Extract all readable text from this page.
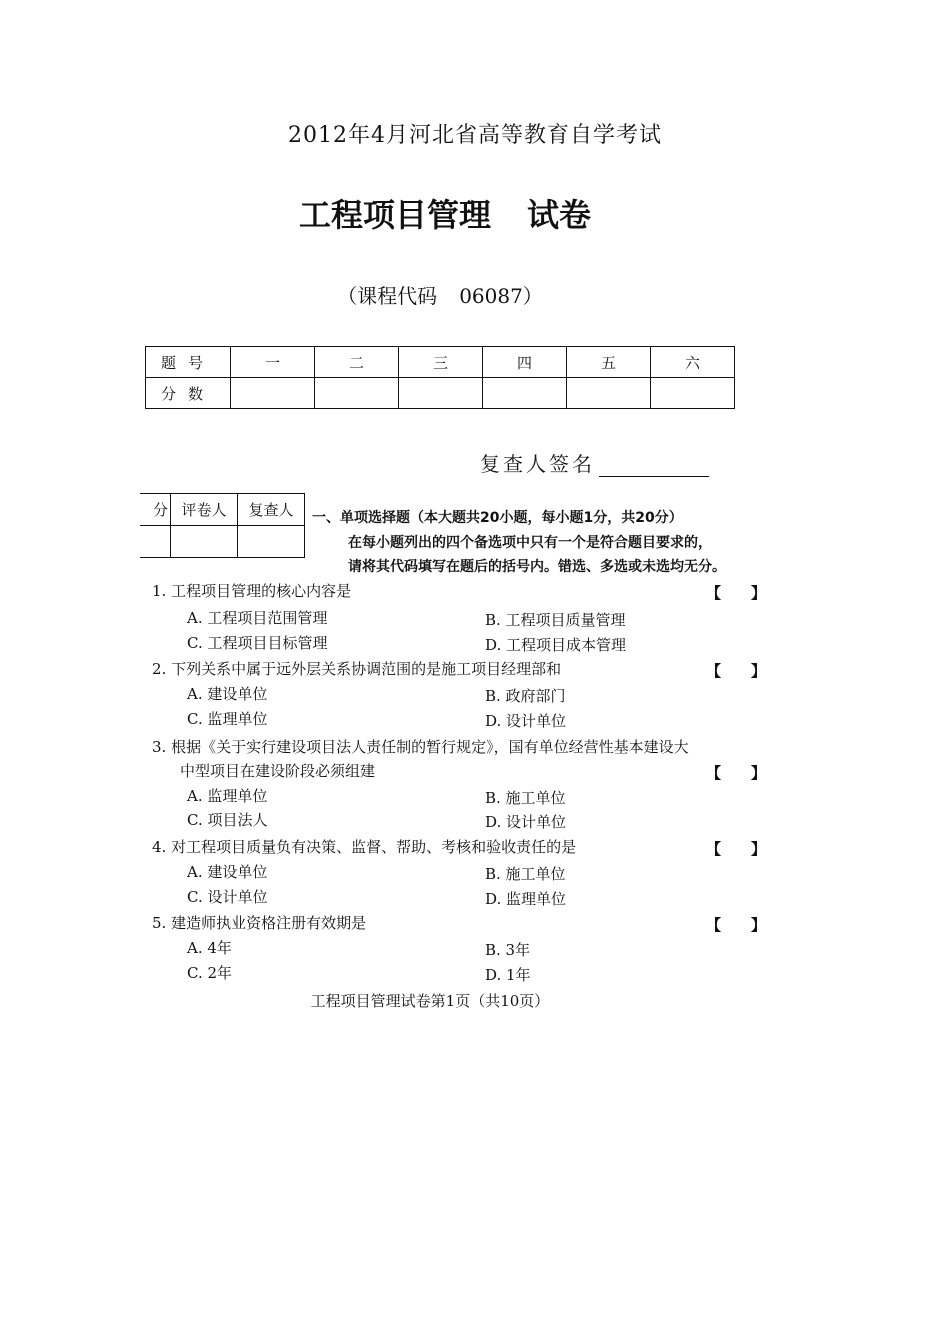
2012年4月河北省高等教育自学考试
工程项目管理 试卷
（课程代码 06087）
题号	一	二	三	四	五	六
分数						
复查人签名
分	评卷人	复查人
		一、单项选择题（本大题共20小题，每小题1分，共20分）
在每小题列出的四个备选项中只有一个是符合题目要求的，
请将其代码填写在题后的括号内。错选、多选或未选均无分。
1. 工程项目管理的核心内容是	【　　】
A. 工程项目范围管理	B. 工程项目质量管理
C. 工程项目目标管理	D. 工程项目成本管理
2. 下列关系中属于远外层关系协调范围的是施工项目经理部和	【　　】
A. 建设单位	B. 政府部门
C. 监理单位	D. 设计单位
3. 根据《关于实行建设项目法人责任制的暂行规定》，国有单位经营性基本建设大
中型项目在建设阶段必须组建	【　　】
A. 监理单位	B. 施工单位
C. 项目法人	D. 设计单位
4. 对工程项目质量负有决策、监督、帮助、考核和验收责任的是	【　　】
A. 建设单位	B. 施工单位
C. 设计单位	D. 监理单位
5. 建造师执业资格注册有效期是	【　　】
A. 4年	B. 3年
C. 2年	D. 1年
工程项目管理试卷第1页（共10页）
